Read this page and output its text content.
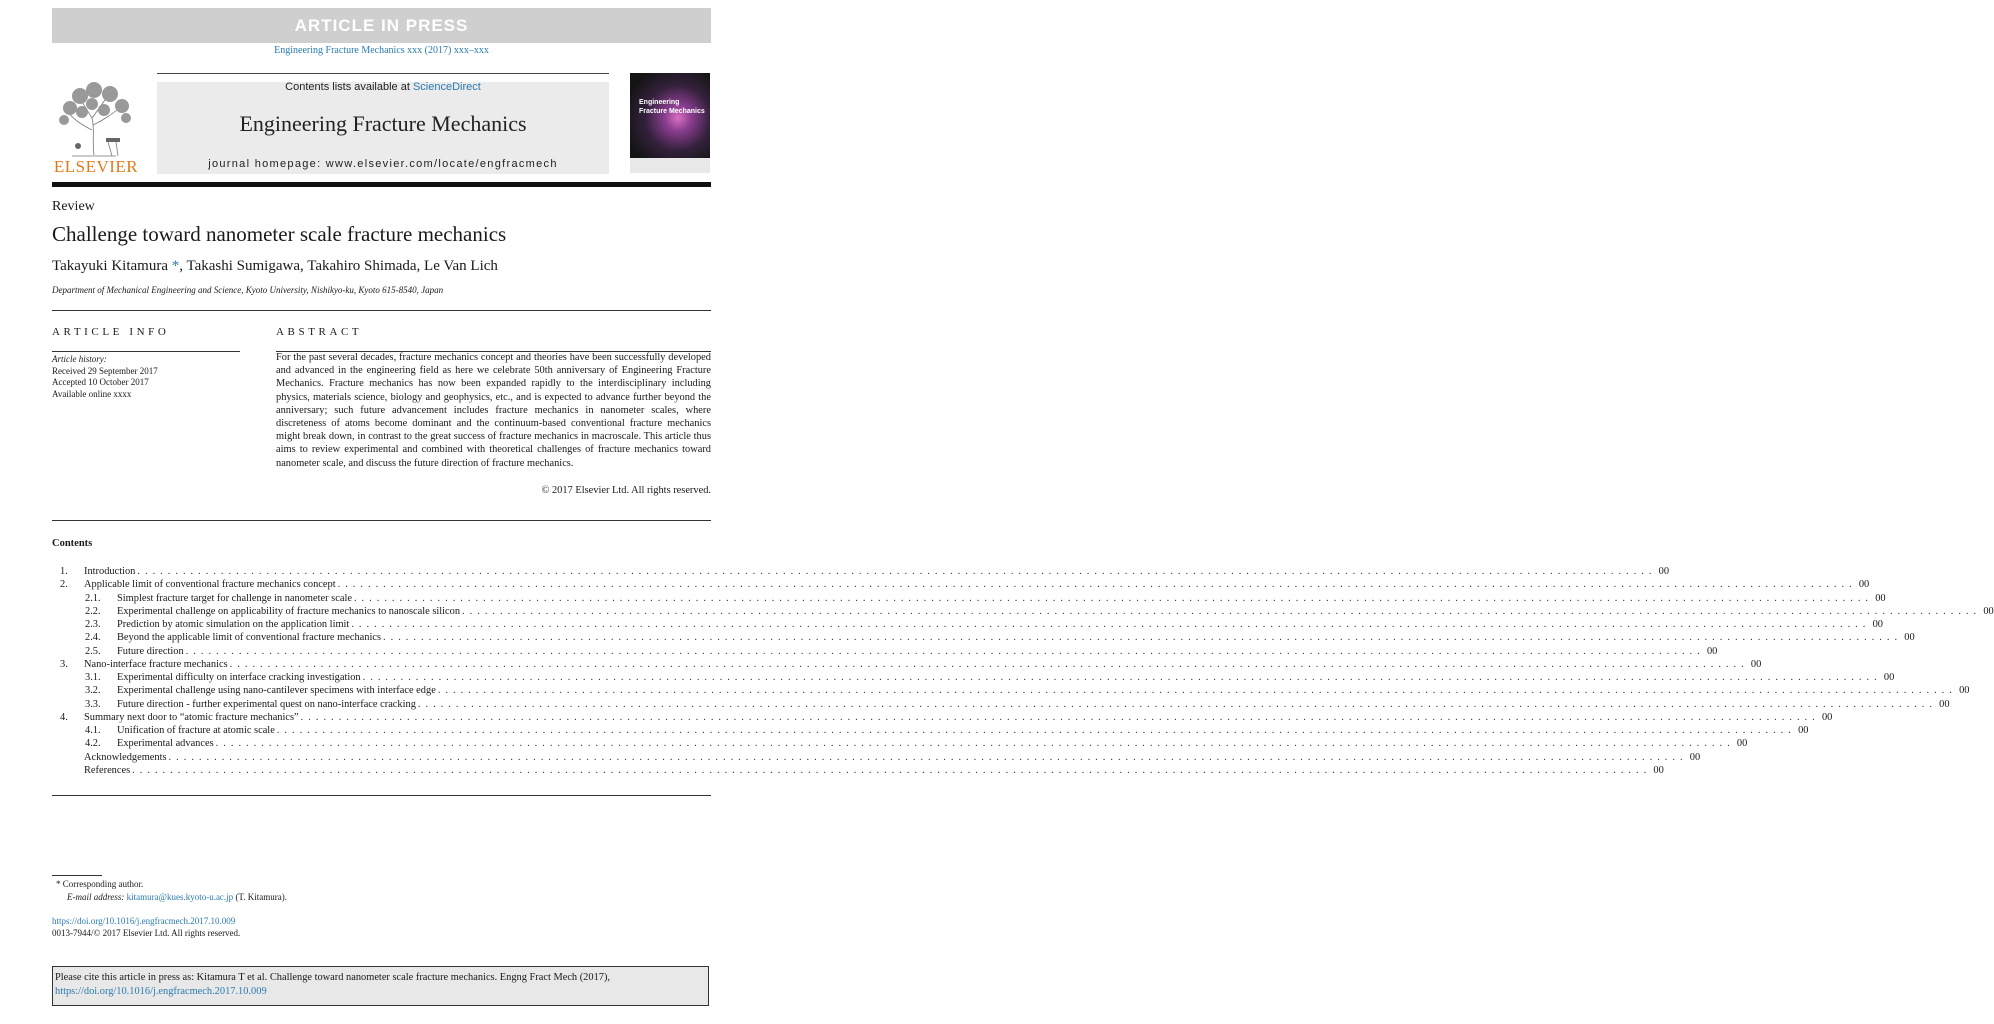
ARTICLE IN PRESS
Engineering Fracture Mechanics xxx (2017) xxx–xxx
Contents lists available at ScienceDirect
Engineering Fracture Mechanics
journal homepage: www.elsevier.com/locate/engfracmech
ELSEVIER
Engineering Fracture Mechanics
Review
Challenge toward nanometer scale fracture mechanics
Takayuki Kitamura *, Takashi Sumigawa, Takahiro Shimada, Le Van Lich
Department of Mechanical Engineering and Science, Kyoto University, Nishikyo-ku, Kyoto 615-8540, Japan
ARTICLE INFO	ABSTRACT
Article history:
Received 29 September 2017
Accepted 10 October 2017
Available online xxxx
For the past several decades, fracture mechanics concept and theories have been successfully developed and advanced in the engineering field as here we celebrate 50th anniversary of Engineering Fracture Mechanics. Fracture mechanics has now been expanded rapidly to the interdisciplinary including physics, materials science, biology and geophysics, etc., and is expected to advance further beyond the anniversary; such future advancement includes fracture mechanics in nanometer scales, where discreteness of atoms become dominant and the continuum-based conventional fracture mechanics might break down, in contrast to the great success of fracture mechanics in macroscale. This article thus aims to review experimental and combined with theoretical challenges of fracture mechanics toward nanometer scale, and discuss the future direction of fracture mechanics.
© 2017 Elsevier Ltd. All rights reserved.
Contents
1.	Introduction . . . . . . . . . . . . . . . . . . . . . . . . . . . . . . . . . . . . . . . . . . . . . . . . . . . . . . . . . . . . . . . . . . . . . . . . . . . . . . . . . . . . . . . . . . . . . . . . . . . . . . . . . . . . . . . . . . . . . . . . . . . . . . . . . . . . . . . . . . . . . . . . . . . . . . . . . . . . . . . . . . . . . . . . . . . . . . . . . . . . . . . . . . . . . . . . . . . . . . . . 00
2.	Applicable limit of conventional fracture mechanics concept . . . . . . . . . . . . . . . . . . . . . . . . . . . . . . . . . . . . . . . . . . . . . . . . . . . . . . . . . . . . . . . . . . . . . . . . . . . . . . . . . . . . . . . . . . . . . . . . . . . . . . . . . . . . . . . . . . . . . . . . . . . . . . . . . . . . . . . . . . . . . . . . . . . . . . . . . . . . . . . . . . . . . . . . . . . . . . . . . . . . . . . . . . . . . . . . . . . . . . . . 00
2.1.	Simplest fracture target for challenge in nanometer scale . . . . . . . . . . . . . . . . . . . . . . . . . . . . . . . . . . . . . . . . . . . . . . . . . . . . . . . . . . . . . . . . . . . . . . . . . . . . . . . . . . . . . . . . . . . . . . . . . . . . . . . . . . . . . . . . . . . . . . . . . . . . . . . . . . . . . . . . . . . . . . . . . . . . . . . . . . . . . . . . . . . . . . . . . . . . . . . . . . . . . . . . . . . . . . . . . . . . . . . . 00
2.2.	Experimental challenge on applicability of fracture mechanics to nanoscale silicon . . . . . . . . . . . . . . . . . . . . . . . . . . . . . . . . . . . . . . . . . . . . . . . . . . . . . . . . . . . . . . . . . . . . . . . . . . . . . . . . . . . . . . . . . . . . . . . . . . . . . . . . . . . . . . . . . . . . . . . . . . . . . . . . . . . . . . . . . . . . . . . . . . . . . . . . . . . . . . . . . . . . . . . . . . . . . . . . . . . . . . . . . . . . . . . . . . . . . . . . 00
2.3.	Prediction by atomic simulation on the application limit . . . . . . . . . . . . . . . . . . . . . . . . . . . . . . . . . . . . . . . . . . . . . . . . . . . . . . . . . . . . . . . . . . . . . . . . . . . . . . . . . . . . . . . . . . . . . . . . . . . . . . . . . . . . . . . . . . . . . . . . . . . . . . . . . . . . . . . . . . . . . . . . . . . . . . . . . . . . . . . . . . . . . . . . . . . . . . . . . . . . . . . . . . . . . . . . . . . . . . . . 00
2.4.	Beyond the applicable limit of conventional fracture mechanics . . . . . . . . . . . . . . . . . . . . . . . . . . . . . . . . . . . . . . . . . . . . . . . . . . . . . . . . . . . . . . . . . . . . . . . . . . . . . . . . . . . . . . . . . . . . . . . . . . . . . . . . . . . . . . . . . . . . . . . . . . . . . . . . . . . . . . . . . . . . . . . . . . . . . . . . . . . . . . . . . . . . . . . . . . . . . . . . . . . . . . . . . . . . . . . . . . . . . . . . 00
2.5.	Future direction . . . . . . . . . . . . . . . . . . . . . . . . . . . . . . . . . . . . . . . . . . . . . . . . . . . . . . . . . . . . . . . . . . . . . . . . . . . . . . . . . . . . . . . . . . . . . . . . . . . . . . . . . . . . . . . . . . . . . . . . . . . . . . . . . . . . . . . . . . . . . . . . . . . . . . . . . . . . . . . . . . . . . . . . . . . . . . . . . . . . . . . . . . . . . . . . . . . . . . . . 00
3.	Nano-interface fracture mechanics . . . . . . . . . . . . . . . . . . . . . . . . . . . . . . . . . . . . . . . . . . . . . . . . . . . . . . . . . . . . . . . . . . . . . . . . . . . . . . . . . . . . . . . . . . . . . . . . . . . . . . . . . . . . . . . . . . . . . . . . . . . . . . . . . . . . . . . . . . . . . . . . . . . . . . . . . . . . . . . . . . . . . . . . . . . . . . . . . . . . . . . . . . . . . . . . . . . . . . . . 00
3.1.	Experimental difficulty on interface cracking investigation . . . . . . . . . . . . . . . . . . . . . . . . . . . . . . . . . . . . . . . . . . . . . . . . . . . . . . . . . . . . . . . . . . . . . . . . . . . . . . . . . . . . . . . . . . . . . . . . . . . . . . . . . . . . . . . . . . . . . . . . . . . . . . . . . . . . . . . . . . . . . . . . . . . . . . . . . . . . . . . . . . . . . . . . . . . . . . . . . . . . . . . . . . . . . . . . . . . . . . . . 00
3.2.	Experimental challenge using nano-cantilever specimens with interface edge . . . . . . . . . . . . . . . . . . . . . . . . . . . . . . . . . . . . . . . . . . . . . . . . . . . . . . . . . . . . . . . . . . . . . . . . . . . . . . . . . . . . . . . . . . . . . . . . . . . . . . . . . . . . . . . . . . . . . . . . . . . . . . . . . . . . . . . . . . . . . . . . . . . . . . . . . . . . . . . . . . . . . . . . . . . . . . . . . . . . . . . . . . . . . . . . . . . . . . . . 00
3.3.	Future direction - further experimental quest on nano-interface cracking . . . . . . . . . . . . . . . . . . . . . . . . . . . . . . . . . . . . . . . . . . . . . . . . . . . . . . . . . . . . . . . . . . . . . . . . . . . . . . . . . . . . . . . . . . . . . . . . . . . . . . . . . . . . . . . . . . . . . . . . . . . . . . . . . . . . . . . . . . . . . . . . . . . . . . . . . . . . . . . . . . . . . . . . . . . . . . . . . . . . . . . . . . . . . . . . . . . . . . . . 00
4.	Summary next door to “atomic fracture mechanics” . . . . . . . . . . . . . . . . . . . . . . . . . . . . . . . . . . . . . . . . . . . . . . . . . . . . . . . . . . . . . . . . . . . . . . . . . . . . . . . . . . . . . . . . . . . . . . . . . . . . . . . . . . . . . . . . . . . . . . . . . . . . . . . . . . . . . . . . . . . . . . . . . . . . . . . . . . . . . . . . . . . . . . . . . . . . . . . . . . . . . . . . . . . . . . . . . . . . . . . . 00
4.1.	Unification of fracture at atomic scale . . . . . . . . . . . . . . . . . . . . . . . . . . . . . . . . . . . . . . . . . . . . . . . . . . . . . . . . . . . . . . . . . . . . . . . . . . . . . . . . . . . . . . . . . . . . . . . . . . . . . . . . . . . . . . . . . . . . . . . . . . . . . . . . . . . . . . . . . . . . . . . . . . . . . . . . . . . . . . . . . . . . . . . . . . . . . . . . . . . . . . . . . . . . . . . . . . . . . . . . 00
4.2.	Experimental advances . . . . . . . . . . . . . . . . . . . . . . . . . . . . . . . . . . . . . . . . . . . . . . . . . . . . . . . . . . . . . . . . . . . . . . . . . . . . . . . . . . . . . . . . . . . . . . . . . . . . . . . . . . . . . . . . . . . . . . . . . . . . . . . . . . . . . . . . . . . . . . . . . . . . . . . . . . . . . . . . . . . . . . . . . . . . . . . . . . . . . . . . . . . . . . . . . . . . . . . . 00
Acknowledgements . . . . . . . . . . . . . . . . . . . . . . . . . . . . . . . . . . . . . . . . . . . . . . . . . . . . . . . . . . . . . . . . . . . . . . . . . . . . . . . . . . . . . . . . . . . . . . . . . . . . . . . . . . . . . . . . . . . . . . . . . . . . . . . . . . . . . . . . . . . . . . . . . . . . . . . . . . . . . . . . . . . . . . . . . . . . . . . . . . . . . . . . . . . . . . . . . . . . . . . . 00
References . . . . . . . . . . . . . . . . . . . . . . . . . . . . . . . . . . . . . . . . . . . . . . . . . . . . . . . . . . . . . . . . . . . . . . . . . . . . . . . . . . . . . . . . . . . . . . . . . . . . . . . . . . . . . . . . . . . . . . . . . . . . . . . . . . . . . . . . . . . . . . . . . . . . . . . . . . . . . . . . . . . . . . . . . . . . . . . . . . . . . . . . . . . . . . . . . . . . . . . . 00
* Corresponding author.
E-mail address: kitamura@kues.kyoto-u.ac.jp (T. Kitamura).
https://doi.org/10.1016/j.engfracmech.2017.10.009
0013-7944/© 2017 Elsevier Ltd. All rights reserved.
Please cite this article in press as: Kitamura T et al. Challenge toward nanometer scale fracture mechanics. Engng Fract Mech (2017),
https://doi.org/10.1016/j.engfracmech.2017.10.009
